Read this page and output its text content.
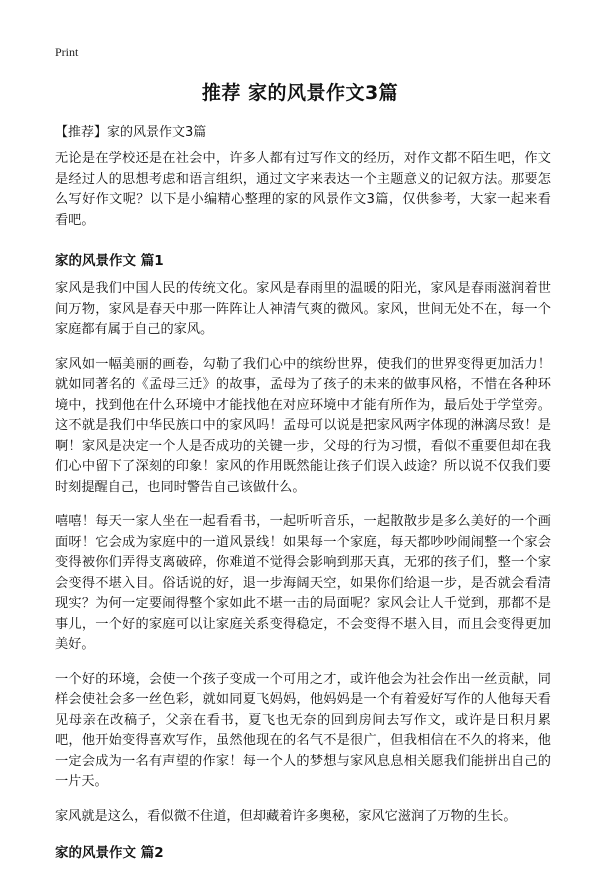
Print
推荐 家的风景作文3篇
【推荐】家的风景作文3篇

无论是在学校还是在社会中，许多人都有过写作文的经历，对作文都不陌生吧，作文是经过人的思想考虑和语言组织，通过文字来表达一个主题意义的记叙方法。那要怎么写好作文呢？以下是小编精心整理的家的风景作文3篇，仅供参考，大家一起来看看吧。

家的风景作文 篇1

家风是我们中国人民的传统文化。家风是春雨里的温暖的阳光，家风是春雨滋润着世间万物，家风是春天中那一阵阵让人神清气爽的微风。家风，世间无处不在，每一个家庭都有属于自己的家风。

家风如一幅美丽的画卷，勾勒了我们心中的缤纷世界，使我们的世界变得更加活力！就如同著名的《孟母三迁》的故事，孟母为了孩子的未来的做事风格，不惜在各种环境中，找到他在什么环境中才能找他在对应环境中才能有所作为，最后处于学堂旁。这不就是我们中华民族口中的家风吗！孟母可以说是把家风两字体现的淋漓尽致！是啊！家风是决定一个人是否成功的关键一步，父母的行为习惯，看似不重要但却在我们心中留下了深刻的印象！家风的作用既然能让孩子们误入歧途？所以说不仅我们要时刻提醒自己，也同时警告自己该做什么。

嘻嘻！每天一家人坐在一起看看书，一起听听音乐，一起散散步是多么美好的一个画面呀！它会成为家庭中的一道风景线！如果每一个家庭，每天都吵吵闹闹整一个家会变得被你们弄得支离破碎，你难道不觉得会影响到那天真，无邪的孩子们，整一个家会变得不堪入目。俗话说的好，退一步海阔天空，如果你们给退一步，是否就会看清现实？为何一定要闹得整个家如此不堪一击的局面呢？家风会让人千觉到，那都不是事儿，一个好的家庭可以让家庭关系变得稳定，不会变得不堪入目，而且会变得更加美好。

一个好的环境，会使一个孩子变成一个可用之才，或许他会为社会作出一丝贡献，同样会使社会多一丝色彩，就如同夏飞妈妈，他妈妈是一个有着爱好写作的人他每天看见母亲在改稿子，父亲在看书，夏飞也无奈的回到房间去写作文，或许是日积月累吧，他开始变得喜欢写作，虽然他现在的名气不是很广，但我相信在不久的将来，他一定会成为一名有声望的作家！每一个人的梦想与家风息息相关愿我们能拼出自己的一片天。

家风就是这么，看似微不住道，但却藏着许多奥秘，家风它滋润了万物的生长。

家的风景作文 篇2
